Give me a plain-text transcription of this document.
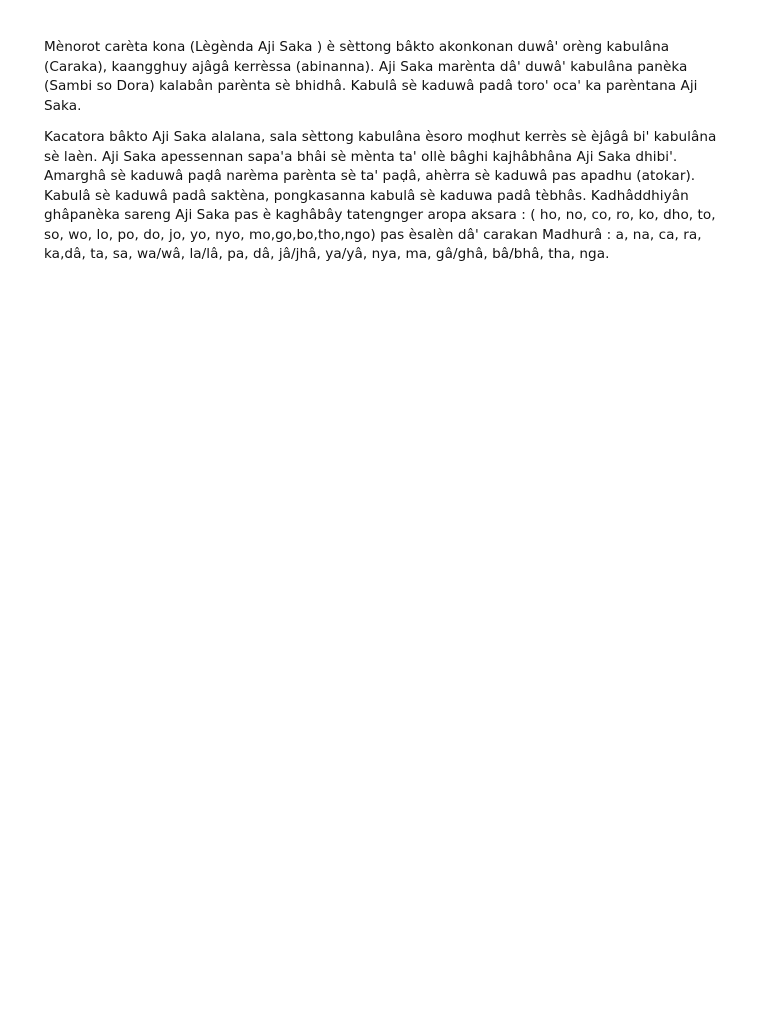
Mènorot carèta kona (Lègènda Aji Saka ) è sèttong bâkto akonkonan duwâ' orèng kabulâna (Caraka), kaangghuy ajâgâ kerrèssa (abinanna). Aji Saka marènta dâ' duwâ' kabulâna panèka (Sambi so Dora) kalabân parènta sè bhidhâ. Kabulâ sè kaduwâ padâ toro' oca' ka parèntana Aji Saka.

Kacatora bâkto Aji Saka alalana, sala sèttong kabulâna èsoro moḍhut kerrès sè èjâgâ bi' kabulâna sè laèn. Aji Saka apessennan sapa'a bhâi sè mènta ta' ollè bâghi kajhâbhâna Aji Saka dhibi'. Amarghâ sè kaduwâ paḍâ narèma parènta sè ta' paḍâ, ahèrra sè kaduwâ pas apadhu (atokar). Kabulâ sè kaduwâ padâ saktèna, pongkasanna kabulâ sè kaduwa padâ tèbhâs. Kadhâddhiyân ghâpanèka sareng Aji Saka pas è kaghâbây tatengnger aropa aksara : ( ho, no, co, ro, ko, dho, to, so, wo, lo, po, do, jo, yo, nyo, mo,go,bo,tho,ngo) pas èsalèn dâ' carakan Madhurâ : a, na, ca, ra, ka,dâ, ta, sa, wa/wâ, la/lâ, pa, dâ, jâ/jhâ, ya/yâ, nya, ma, gâ/ghâ, bâ/bhâ, tha, nga.
